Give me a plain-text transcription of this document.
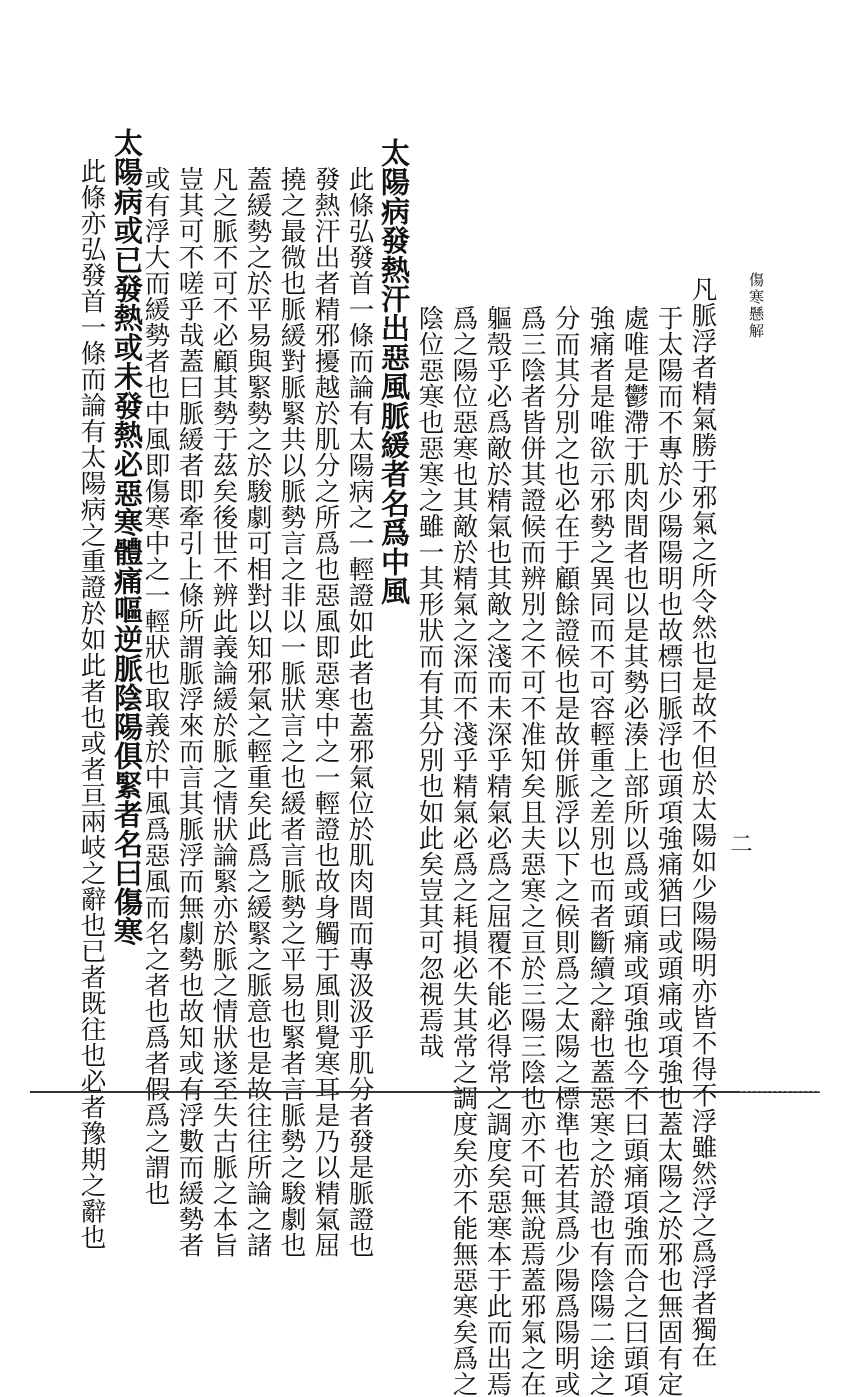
傷寒懸解
二
凡脈浮者精氣勝于邪氣之所令然也是故不但於太陽如少陽陽明亦皆不得不浮雖然浮之爲浮者獨在
于太陽而不專於少陽陽明也故標曰脈浮也頭項強痛猶曰或頭痛或項強也蓋太陽之於邪也無固有定
處唯是鬱滯于肌肉間者也以是其勢必湊上部所以爲或頭痛或項強也今不曰頭痛項強而合之曰頭項
強痛者是唯欲示邪勢之異同而不可容輕重之差別也而者斷續之辭也蓋惡寒之於證也有陰陽二途之
分而其分別之也必在于顧餘證候也是故併脈浮以下之候則爲之太陽之標準也若其爲少陽爲陽明或
爲三陰者皆併其證候而辨別之不可不准知矣且夫惡寒之亘於三陽三陰也亦不可無說焉蓋邪氣之在
軀殼乎必爲敵於精氣也其敵之淺而未深乎精氣必爲之屈覆不能必得常之調度矣惡寒本于此而出焉
爲之陽位惡寒也其敵於精氣之深而不淺乎精氣必爲之耗損必失其常之調度矣亦不能無惡寒矣爲之
陰位惡寒也惡寒之雖一其形狀而有其分別也如此矣豈其可忽視焉哉
太陽病發熱汗出惡風脈緩者名爲中風
此條弘發首一條而論有太陽病之一輕證如此者也蓋邪氣位於肌肉間而專汲汲乎肌分者發是脈證也
發熱汗出者精邪擾越於肌分之所爲也惡風即惡寒中之一輕證也故身觸于風則覺寒耳是乃以精氣屈
撓之最微也脈緩對脈緊共以脈勢言之非以一脈狀言之也緩者言脈勢之平易也緊者言脈勢之駿劇也
蓋緩勢之於平易與緊勢之於駿劇可相對以知邪氣之輕重矣此爲之緩緊之脈意也是故往往所論之諸
凡之脈不可不必顧其勢于茲矣後世不辨此義論緩於脈之情狀論緊亦於脈之情狀遂至失古脈之本旨
豈其可不嗟乎哉蓋曰脈緩者即牽引上條所謂脈浮來而言其脈浮而無劇勢也故知或有浮數而緩勢者
或有浮大而緩勢者也中風即傷寒中之一輕狀也取義於中風爲惡風而名之者也爲者假爲之謂也
太陽病或已發熱或未發熱必惡寒體痛嘔逆脈陰陽俱緊者名曰傷寒
此條亦弘發首一條而論有太陽病之重證於如此者也或者亘兩岐之辭也已者既往也必者豫期之辭也
